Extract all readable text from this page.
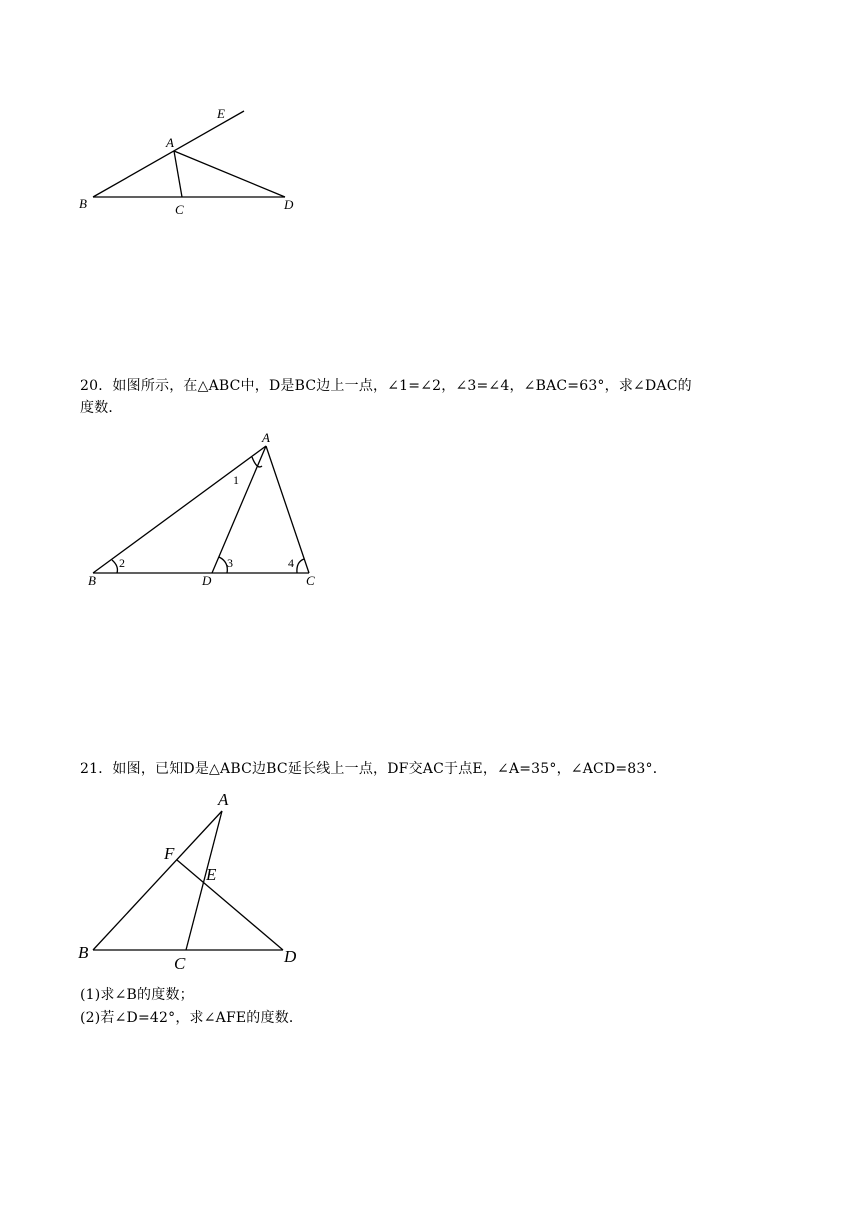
E
A
B	C	D
20．如图所示，在△ABC中，D是BC边上一点，∠1=∠2，∠3=∠4，∠BAC=63°，求∠DAC的
度数．
A
B	D	C
1
2	3	4
21．如图，已知D是△ABC边BC延长线上一点，DF交AC于点E，∠A=35°，∠ACD=83°．
A
F
E
B
C	D
(1)求∠B的度数；
(2)若∠D=42°，求∠AFE的度数．
